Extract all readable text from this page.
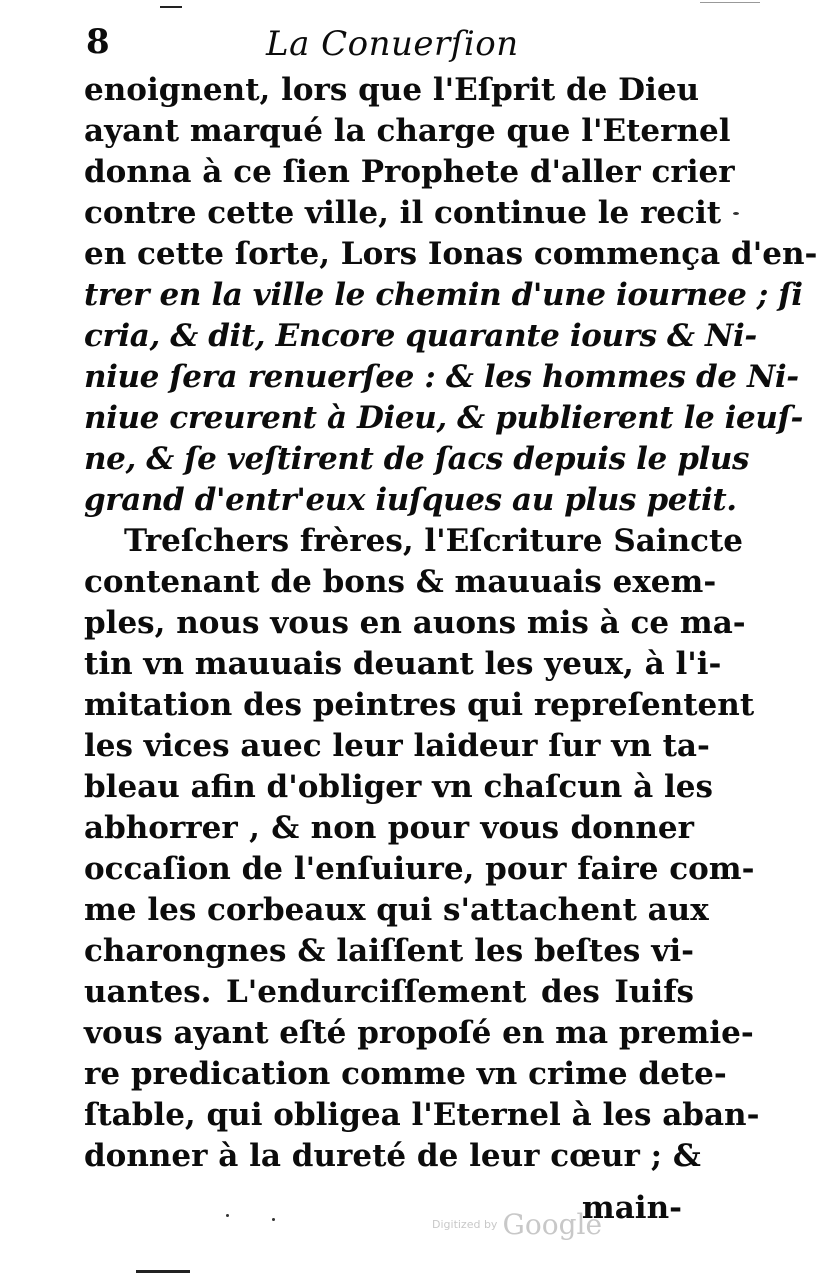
8	La Conuerſion
enoignent, lors que l'Eſprit de Dieu
ayant marqué la charge que l'Eternel
donna à ce ſien Prophete d'aller crier
contre cette ville, il continue le recit
en cette ſorte, Lors Ionas commença d'en-
trer en la ville le chemin d'une iournee ; ſi
cria, & dit, Encore quarante iours & Ni-
niue ſera renuerſee : & les hommes de Ni-
niue creurent à Dieu, & publierent le ieuſ-
ne, & ſe veſtirent de ſacs depuis le plus
grand d'entr'eux iuſques au plus petit.
Treſchers frères, l'Eſcriture Saincte
contenant de bons & mauuais exem-
ples, nous vous en auons mis à ce ma-
tin vn mauuais deuant les yeux, à l'i-
mitation des peintres qui repreſentent
les vices auec leur laideur ſur vn ta-
bleau afin d'obliger vn chaſcun à les
abhorrer , & non pour vous donner
occaſion de l'enſuiure, pour faire com-
me les corbeaux qui s'attachent aux
charongnes & laiſſent les beſtes vi-
uantes. L'endurciſſement des Iuifs
vous ayant eſté propoſé en ma premie-
re predication comme vn crime dete-
ſtable, qui obligea l'Eternel à les aban-
donner à la dureté de leur cœur ; &
main-
Digitized by Google
